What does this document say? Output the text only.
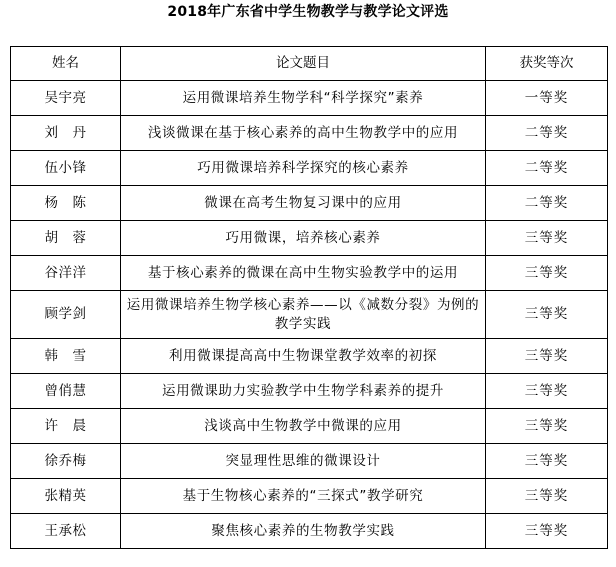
2018年广东省中学生物教学与教学论文评选
姓名	论文题目	获奖等次
吴宇亮	运用微课培养生物学科“科学探究”素养	一等奖
刘　丹	浅谈微课在基于核心素养的高中生物教学中的应用	二等奖
伍小锋	巧用微课培养科学探究的核心素养	二等奖
杨　陈	微课在高考生物复习课中的应用	二等奖
胡　蓉	巧用微课，培养核心素养	三等奖
谷洋洋	基于核心素养的微课在高中生物实验教学中的运用	三等奖
顾学剑	运用微课培养生物学核心素养——以《减数分裂》为例的教学实践	三等奖
韩　雪	利用微课提高高中生物课堂教学效率的初探	三等奖
曾俏慧	运用微课助力实验教学中生物学科素养的提升	三等奖
许　晨	浅谈高中生物教学中微课的应用	三等奖
徐乔梅	突显理性思维的微课设计	三等奖
张精英	基于生物核心素养的“三探式”教学研究	三等奖
王承松	聚焦核心素养的生物教学实践	三等奖
